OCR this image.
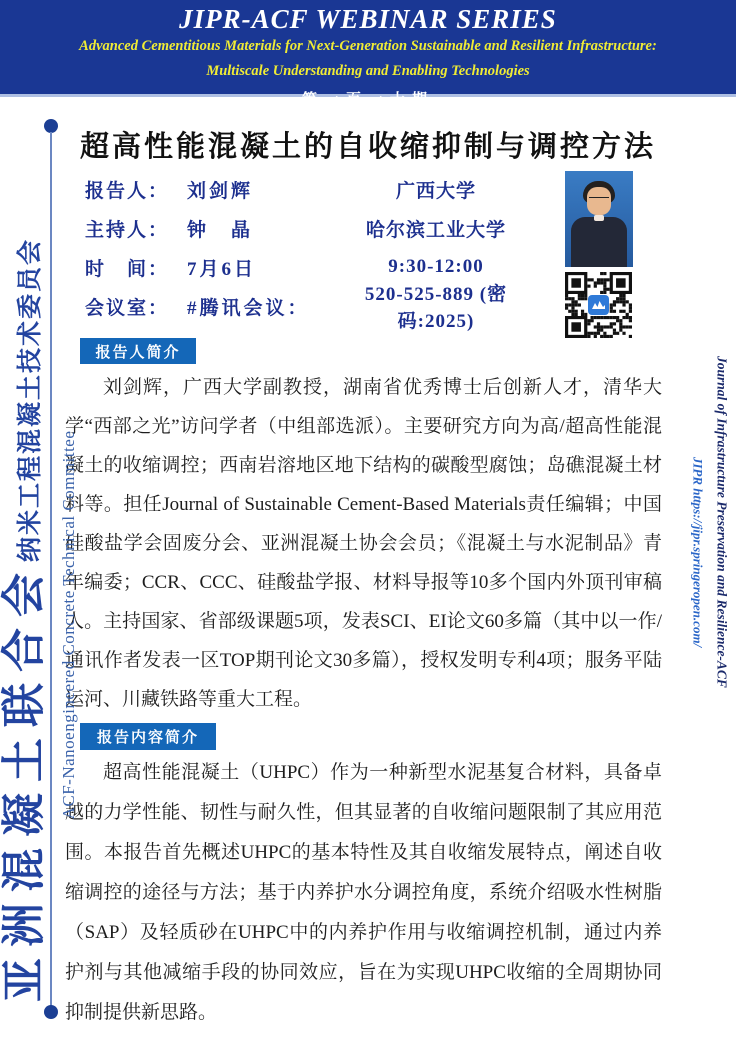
JIPR-ACF WEBINAR SERIES
Advanced Cementitious Materials for Next-Generation Sustainable and Resilient Infrastructure:
Multiscale Understanding and Enabling Technologies
第一百一十期
超高性能混凝土的自收缩抑制与调控方法
报告人： 刘剑辉	广西大学
主持人： 钟　晶	哈尔滨工业大学
时　间： 7月6日	9:30-12:00
会议室： #腾讯会议：
520-525-889 (密码:2025)
报告人简介

刘剑辉，广西大学副教授，湖南省优秀博士后创新人才，清华大学“西部之光”访问学者（中组部选派）。主要研究方向为高/超高性能混凝土的收缩调控；西南岩溶地区地下结构的碳酸型腐蚀；岛礁混凝土材料等。担任Journal of Sustainable Cement-Based Materials责任编辑；中国硅酸盐学会固废分会、亚洲混凝土协会会员；《混凝土与水泥制品》青年编委；CCR、CCC、硅酸盐学报、材料导报等10多个国内外顶刊审稿人。主持国家、省部级课题5项，发表SCI、EI论文60多篇（其中以一作/通讯作者发表一区TOP期刊论文30多篇），授权发明专利4项；服务平陆运河、川藏铁路等重大工程。

报告内容简介

超高性能混凝土（UHPC）作为一种新型水泥基复合材料，具备卓越的力学性能、韧性与耐久性，但其显著的自收缩问题限制了其应用范围。本报告首先概述UHPC的基本特性及其自收缩发展特点，阐述自收缩调控的途径与方法；基于内养护水分调控角度，系统介绍吸水性树脂（SAP）及轻质砂在UHPC中的内养护作用与收缩调控机制，通过内养护剂与其他减缩手段的协同效应，旨在为实现UHPC收缩的全周期协同抑制提供新思路。

亚洲混凝土联合会
纳米工程混凝土技术委员会
ACF-Nanoengineered Concrete Technical Committee	Journal of Infrastructure Preservation and Resilience-ACF
JIPR https://jipr.springeropen.com/
